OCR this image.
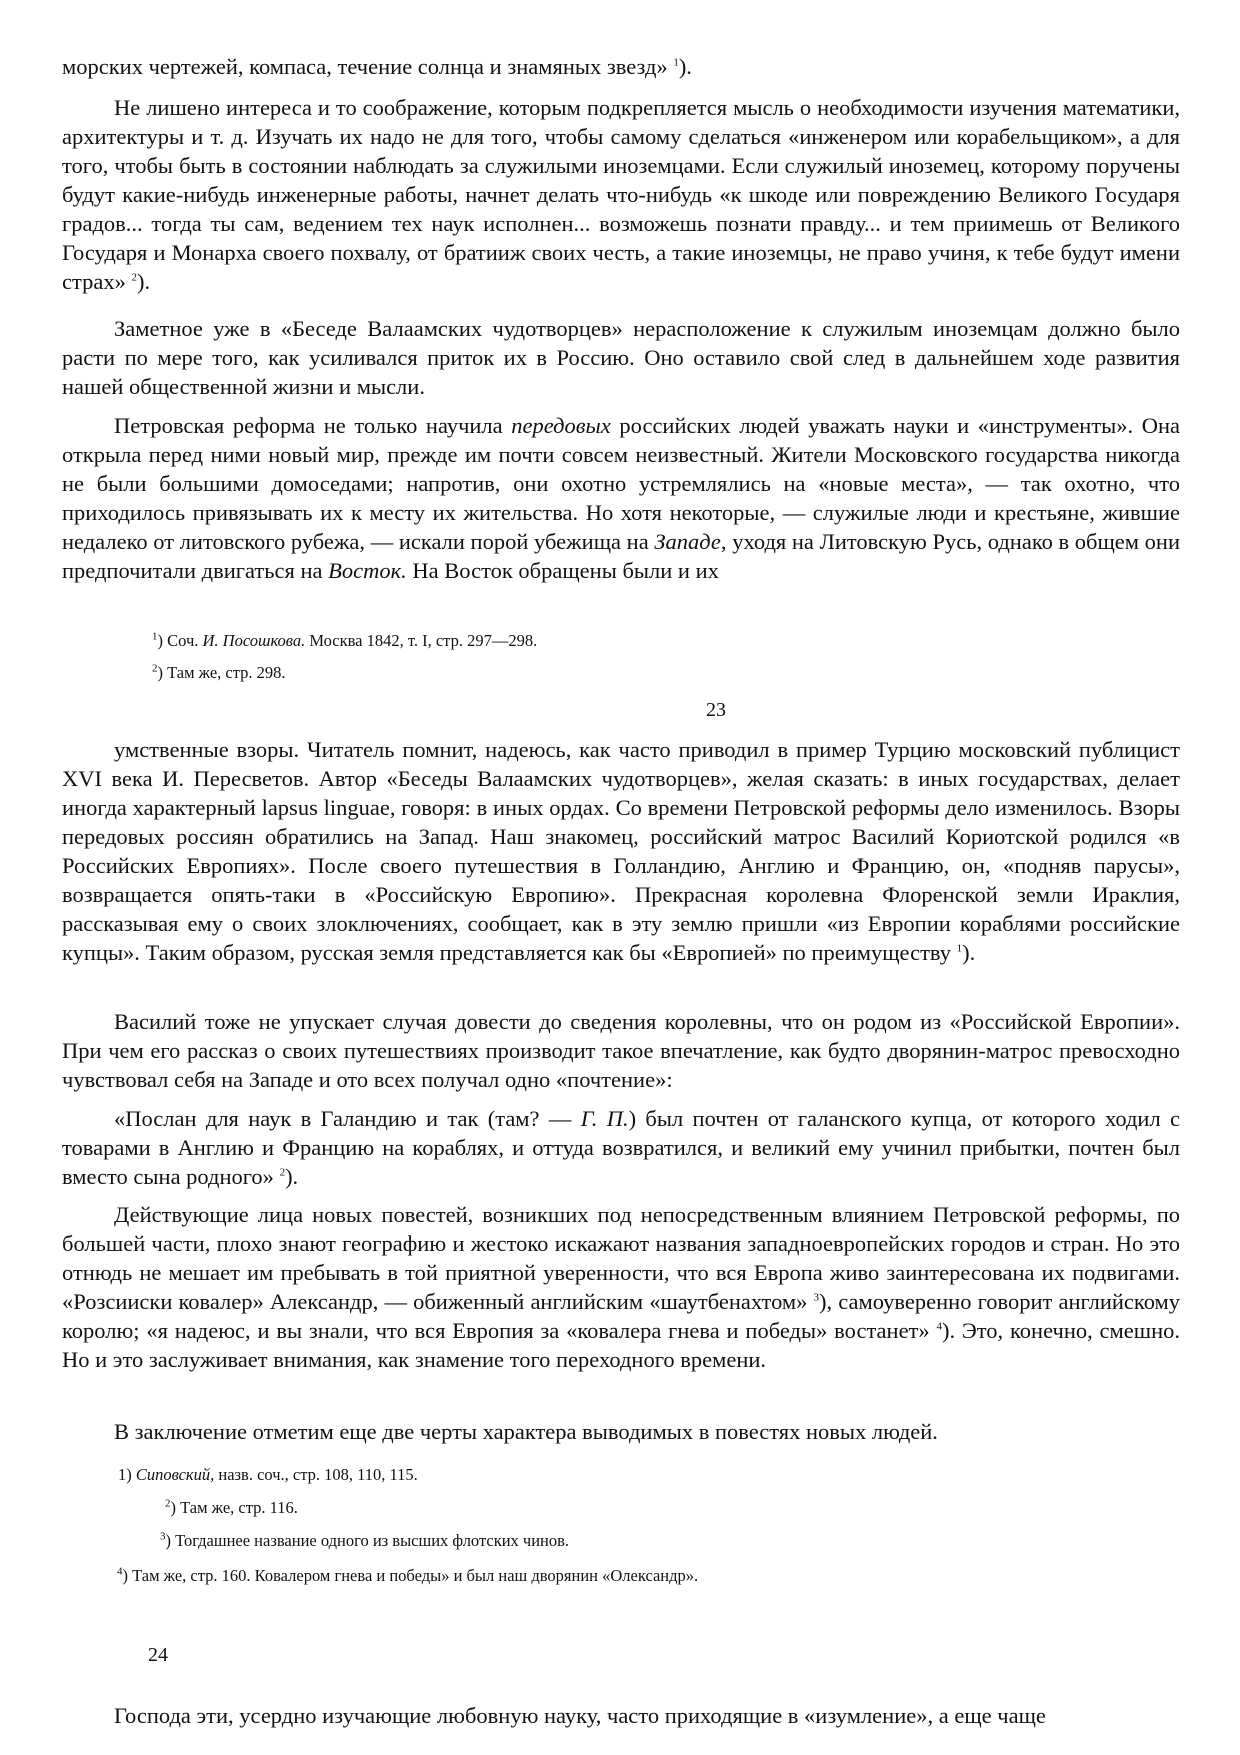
морских чертежей, компаса, течение солнца и знамяных звезд» $^1$).

Не лишено интереса и то соображение, которым подкрепляется мысль о необходимости изучения математики, архитектуры и т. д. Изучать их надо не для того, чтобы самому сделаться «инженером или корабельщиком», а для того, чтобы быть в состоянии наблюдать за служилыми иноземцами. Если служилый иноземец, которому поручены будут какие-нибудь инженерные работы, начнет делать что-нибудь «к шкоде или повреждению Великого Государя градов... тогда ты сам, ведением тех наук исполнен... возможешь познати правду... и тем приимешь от Великого Государя и Монарха своего похвалу, от братииж своих честь, а такие иноземцы, не право учиня, к тебе будут имени страх» $^2$).

Заметное уже в «Беседе Валаамских чудотворцев» нерасположение к служилым иноземцам должно было расти по мере того, как усиливался приток их в Россию. Оно оставило свой след в дальнейшем ходе развития нашей общественной жизни и мысли.

Петровская реформа не только научила передовых российских людей уважать науки и «инструменты». Она открыла перед ними новый мир, прежде им почти совсем неизвестный. Жители Московского государства никогда не были большими домоседами; напротив, они охотно устремлялись на «новые места», — так охотно, что приходилось привязывать их к месту их жительства. Но хотя некоторые, — служилые люди и крестьяне, жившие недалеко от литовского рубежа, — искали порой убежища на Западе, уходя на Литовскую Русь, однако в общем они предпочитали двигаться на Восток. На Восток обращены были и их

$^1$) Соч. И. Посошкова. Москва 1842, т. I, стр. 297—298.

$^2$) Там же, стр. 298.

23

умственные взоры. Читатель помнит, надеюсь, как часто приводил в пример Турцию московский публицист XVI века И. Пересветов. Автор «Беседы Валаамских чудотворцев», желая сказать: в иных государствах, делает иногда характерный lapsus linguae, говоря: в иных ордах. Со времени Петровской реформы дело изменилось. Взоры передовых россиян обратились на Запад. Наш знакомец, российский матрос Василий Кориотской родился «в Российских Европиях». После своего путешествия в Голландию, Англию и Францию, он, «подняв парусы», возвращается опять-таки в «Российскую Европию». Прекрасная королевна Флоренской земли Ираклия, рассказывая ему о своих злоключениях, сообщает, как в эту землю пришли «из Европии кораблями российские купцы». Таким образом, русская земля представляется как бы «Европией» по преимуществу $^1$).

Василий тоже не упускает случая довести до сведения королевны, что он родом из «Российской Европии». При чем его рассказ о своих путешествиях производит такое впечатление, как будто дворянин-матрос превосходно чувствовал себя на Западе и ото всех получал одно «почтение»:

«Послан для наук в Галандию и так (там? — Г. П.) был почтен от галанского купца, от которого ходил с товарами в Англию и Францию на кораблях, и оттуда возвратился, и великий ему учинил прибытки, почтен был вместо сына родного» $^2$).

Действующие лица новых повестей, возникших под непосредственным влиянием Петровской реформы, по большей части, плохо знают географию и жестоко искажают названия западноевропейских городов и стран. Но это отнюдь не мешает им пребывать в той приятной уверенности, что вся Европа живо заинтересована их подвигами. «Розсииски ковалер» Александр, — обиженный английским «шаутбенахтом» $^3$), самоуверенно говорит английскому королю; «я надеюс, и вы знали, что вся Европия за «ковалера гнева и победы» востанет» $^4$). Это, конечно, смешно. Но и это заслуживает внимания, как знамение того переходного времени.

В заключение отметим еще две черты характера выводимых в повестях новых людей.

1) Сиповский, назв. соч., стр. 108, 110, 115.

$^2$) Там же, стр. 116.

$^3$) Тогдашнее название одного из высших флотских чинов.

$^4$) Там же, стр. 160. Ковалером гнева и победы» и был наш дворянин «Олександр».

24

Господа эти, усердно изучающие любовную науку, часто приходящие в «изумление», а еще чаще
